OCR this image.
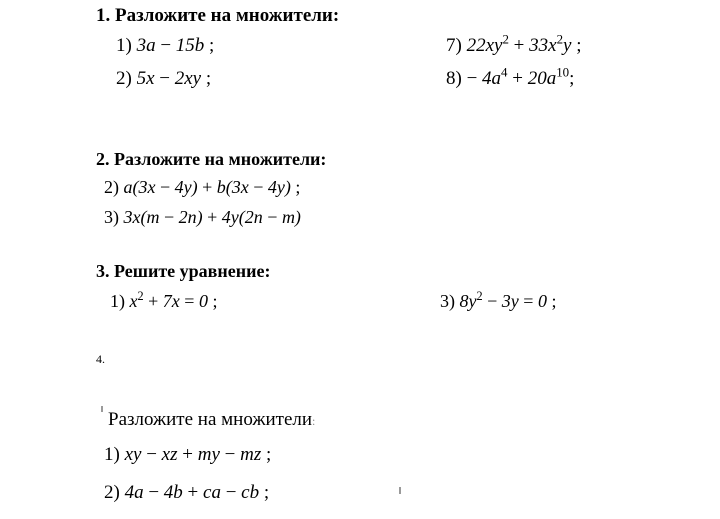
1. Разложите на множители:
1) 3a − 15b ;	7) $22xy^2 + 33x^2y$ ;
2) 5x − 2xy ;	$8) - 4a^4 + 20a^{10}$;
2. Разложите на множители:
2) a(3x − 4y) + b(3x − 4y) ;
3) 3x(m − 2n) + 4y(2n − m)
3. Решите уравнение:
1) $x^2 + 7x = 0$ ;	3) $8y^2 - 3y = 0$ ;
4.
Разложите на множители:
1) xy − xz + my − mz ;
2) 4a − 4b + ca − cb ;
